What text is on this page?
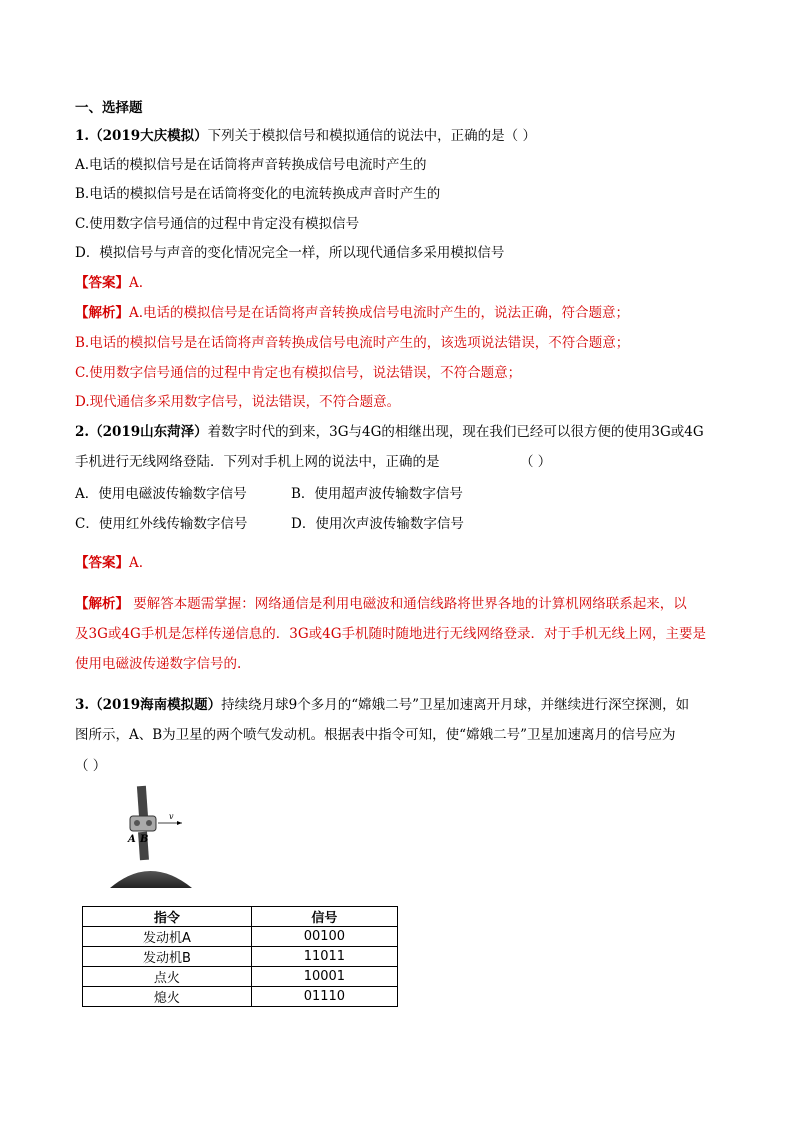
一、选择题
1.（2019大庆模拟）下列关于模拟信号和模拟通信的说法中，正确的是（ ）
A.电话的模拟信号是在话筒将声音转换成信号电流时产生的
B.电话的模拟信号是在话筒将变化的电流转换成声音时产生的
C.使用数字信号通信的过程中肯定没有模拟信号
D．模拟信号与声音的变化情况完全一样，所以现代通信多采用模拟信号
【答案】A.
【解析】A.电话的模拟信号是在话筒将声音转换成信号电流时产生的，说法正确，符合题意；
B.电话的模拟信号是在话筒将声音转换成信号电流时产生的，该选项说法错误，不符合题意；
C.使用数字信号通信的过程中肯定也有模拟信号，说法错误，不符合题意；
D.现代通信多采用数字信号，说法错误，不符合题意。
2.（2019山东菏泽）着数字时代的到来，3G与4G的相继出现，现在我们已经可以很方便的使用3G或4G
手机进行无线网络登陆．下列对手机上网的说法中，正确的是	（ ）
A．使用电磁波传输数字信号	B．使用超声波传输数字信号
C．使用红外线传输数字信号	D．使用次声波传输数字信号
【答案】A.
【解析】 要解答本题需掌握：网络通信是利用电磁波和通信线路将世界各地的计算机网络联系起来，以
及3G或4G手机是怎样传递信息的．3G或4G手机随时随地进行无线网络登录．对于手机无线上网，主要是
使用电磁波传递数字信号的.
3.（2019海南模拟题）持续绕月球9个多月的“嫦娥二号”卫星加速离开月球，并继续进行深空探测，如
图所示，A、B为卫星的两个喷气发动机。根据表中指令可知，使“嫦娥二号”卫星加速离月的信号应为
（ ）
v
A B
指令	信号
发动机A	00100
发动机B	11011
点火	10001
熄火	01110
